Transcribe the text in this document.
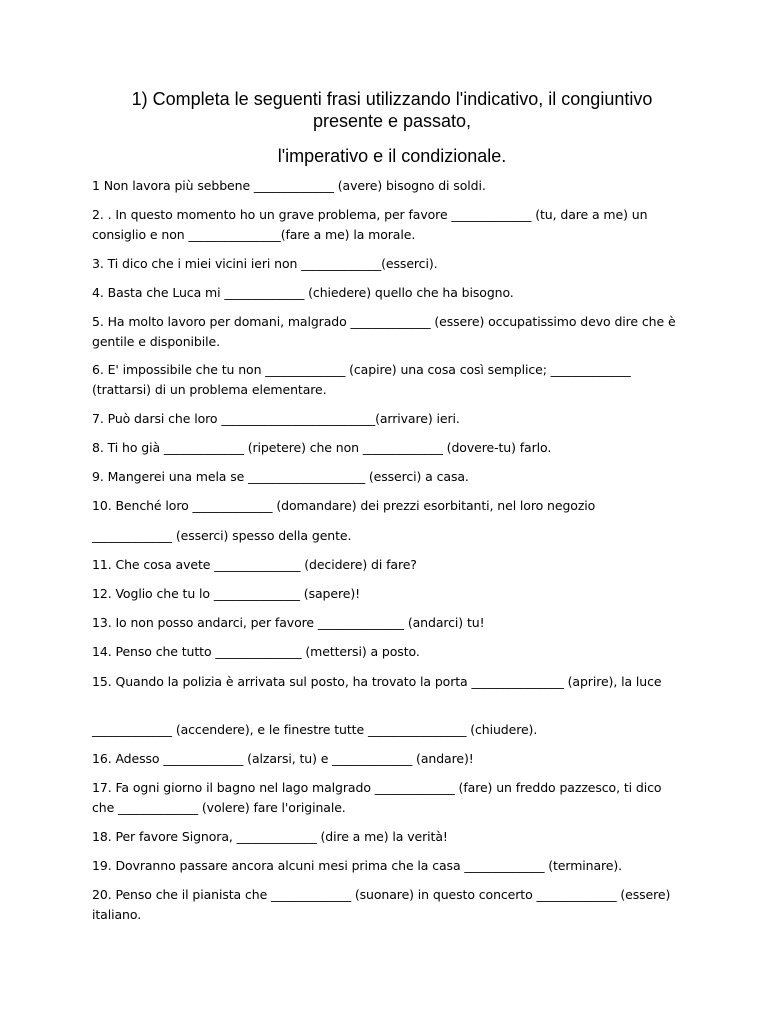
1) Completa le seguenti frasi utilizzando l'indicativo, il congiuntivo
presente e passato,
l'imperativo e il condizionale.

1 Non lavora più sebbene _____________ (avere) bisogno di soldi.

2. . In questo momento ho un grave problema, per favore _____________ (tu, dare a me) un consiglio e non _______________(fare a me) la morale.

3. Ti dico che i miei vicini ieri non _____________(esserci).

4. Basta che Luca mi _____________ (chiedere) quello che ha bisogno.

5. Ha molto lavoro per domani, malgrado _____________ (essere) occupatissimo devo dire che è gentile e disponibile.

6. E' impossibile che tu non _____________ (capire) una cosa così semplice; _____________ (trattarsi) di un problema elementare.

7. Può darsi che loro _________________________(arrivare) ieri.

8. Ti ho già _____________ (ripetere) che non _____________ (dovere-tu) farlo.

9. Mangerei una mela se ___________________ (esserci) a casa.

10. Benché loro _____________ (domandare) dei prezzi esorbitanti, nel loro negozio

_____________ (esserci) spesso della gente.

11. Che cosa avete ______________ (decidere) di fare?

12. Voglio che tu lo ______________ (sapere)!

13. Io non posso andarci, per favore ______________ (andarci) tu!

14. Penso che tutto ______________ (mettersi) a posto.

15. Quando la polizia è arrivata sul posto, ha trovato la porta _______________ (aprire), la luce

_____________ (accendere), e le finestre tutte ________________ (chiudere).

16. Adesso _____________ (alzarsi, tu) e _____________ (andare)!

17. Fa ogni giorno il bagno nel lago malgrado _____________ (fare) un freddo pazzesco, ti dico che _____________ (volere) fare l'originale.

18. Per favore Signora, _____________ (dire a me) la verità!

19. Dovranno passare ancora alcuni mesi prima che la casa _____________ (terminare).

20. Penso che il pianista che _____________ (suonare) in questo concerto _____________ (essere) italiano.
